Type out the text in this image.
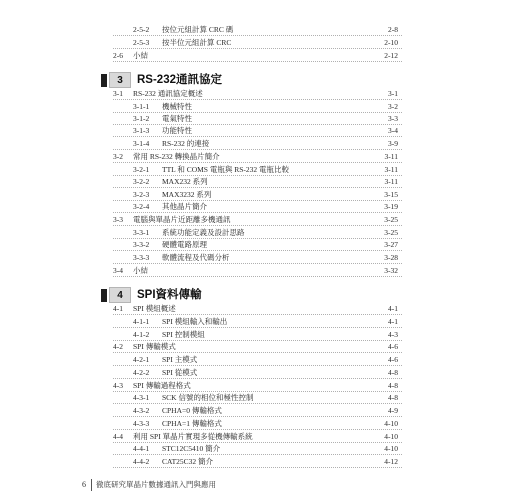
2-5-2 按位元組計算 CRC 碼	2-8
2-5-3 按半位元組計算 CRC	2-10
2-6 小結	2-12
3	RS-232通訊協定
3-1 RS-232 通訊協定概述	3-1
3-1-1 機械特性	3-2
3-1-2 電氣特性	3-3
3-1-3 功能特性	3-4
3-1-4 RS-232 的連接	3-9
3-2 常用 RS-232 轉換晶片簡介	3-11
3-2-1 TTL 和 COMS 電瓶與 RS-232 電瓶比較	3-11
3-2-2 MAX232 系列	3-11
3-2-3 MAX3232 系列	3-15
3-2-4 其他晶片簡介	3-19
3-3 電腦與單晶片近距離多機通訊	3-25
3-3-1 系統功能定義及設計思路	3-25
3-3-2 硬體電路原理	3-27
3-3-3 軟體流程及代碼分析	3-28
3-4 小結	3-32
4	SPI資料傳輸
4-1 SPI 模組概述	4-1
4-1-1 SPI 模組輸入和輸出	4-1
4-1-2 SPI 控制模組	4-3
4-2 SPI 傳輸模式	4-6
4-2-1 SPI 主模式	4-6
4-2-2 SPI 從模式	4-8
4-3 SPI 傳輸過程格式	4-8
4-3-1 SCK 信號的相位和極性控制	4-8
4-3-2 CPHA=0 傳輸格式	4-9
4-3-3 CPHA=1 傳輸格式	4-10
4-4 利用 SPI 單晶片實現多從機傳輸系統	4-10
4-4-1 STC12C5410 簡介	4-10
4-4-2 CAT25C32 簡介	4-12
6 徹底研究單晶片數據通訊入門與應用
